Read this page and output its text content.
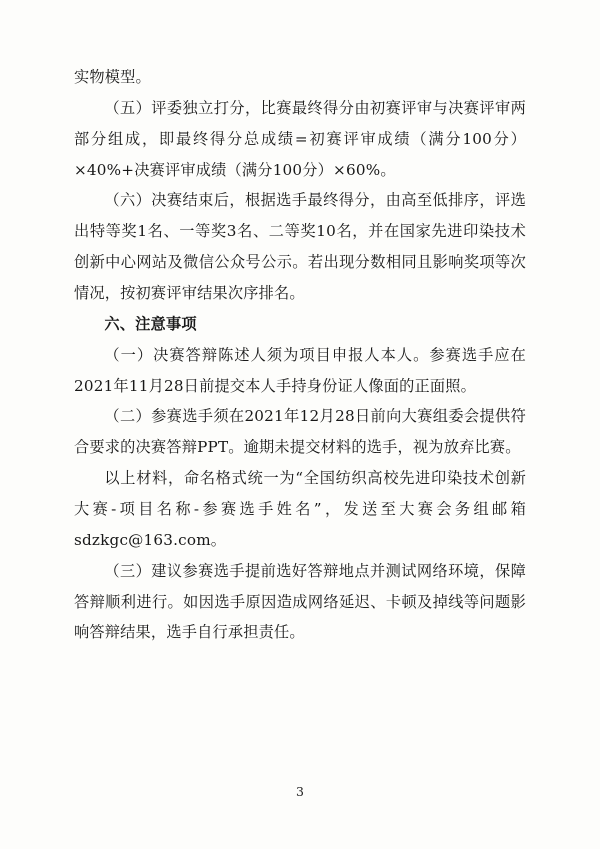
实物模型。

（五）评委独立打分，比赛最终得分由初赛评审与决赛评审两部分组成，即最终得分总成绩=初赛评审成绩（满分100分）×40%+决赛评审成绩（满分100分）×60%。

（六）决赛结束后，根据选手最终得分，由高至低排序，评选出特等奖1名、一等奖3名、二等奖10名，并在国家先进印染技术创新中心网站及微信公众号公示。若出现分数相同且影响奖项等次情况，按初赛评审结果次序排名。

六、注意事项

（一）决赛答辩陈述人须为项目申报人本人。参赛选手应在2021年11月28日前提交本人手持身份证人像面的正面照。

（二）参赛选手须在2021年12月28日前向大赛组委会提供符合要求的决赛答辩PPT。逾期未提交材料的选手，视为放弃比赛。

以上材料，命名格式统一为“全国纺织高校先进印染技术创新大赛-项目名称-参赛选手姓名”，发送至大赛会务组邮箱sdzkgc@163.com。

（三）建议参赛选手提前选好答辩地点并测试网络环境，保障答辩顺利进行。如因选手原因造成网络延迟、卡顿及掉线等问题影响答辩结果，选手自行承担责任。

3
